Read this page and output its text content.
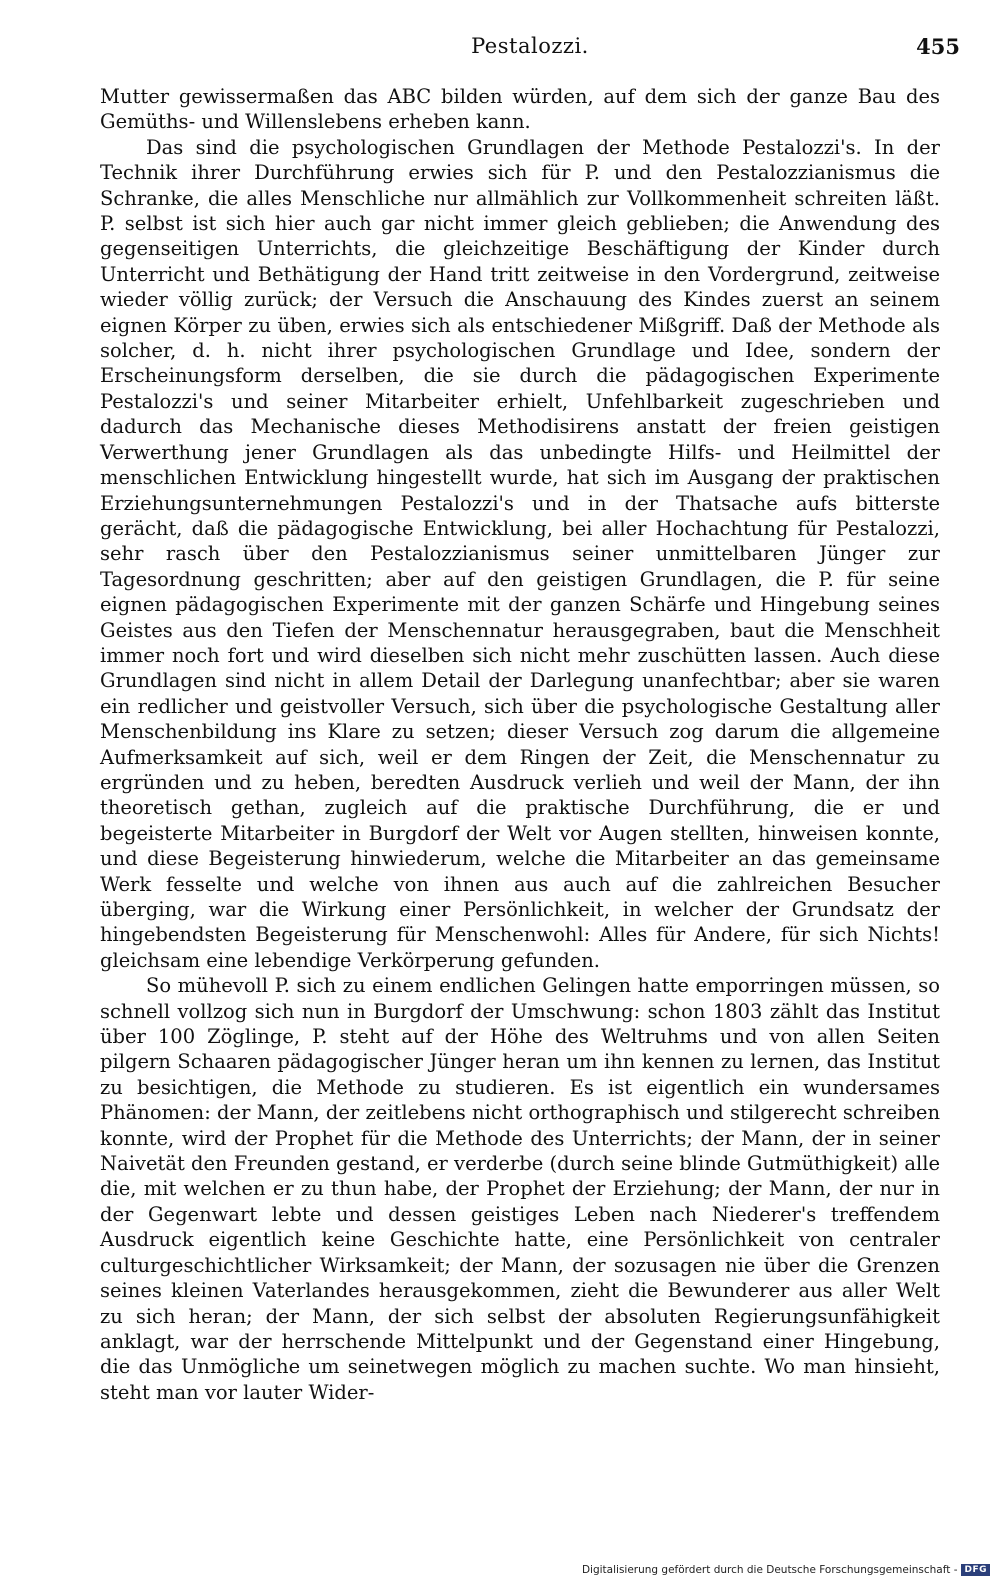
Pestalozzi.	455

Mutter gewissermaßen das ABC bilden würden, auf dem sich der ganze Bau des Gemüths- und Willenslebens erheben kann.

Das sind die psychologischen Grundlagen der Methode Pestalozzi's. In der Technik ihrer Durchführung erwies sich für P. und den Pestalozzianismus die Schranke, die alles Menschliche nur allmählich zur Vollkommenheit schreiten läßt. P. selbst ist sich hier auch gar nicht immer gleich geblieben; die Anwendung des gegenseitigen Unterrichts, die gleichzeitige Beschäftigung der Kinder durch Unterricht und Bethätigung der Hand tritt zeitweise in den Vordergrund, zeitweise wieder völlig zurück; der Versuch die Anschauung des Kindes zuerst an seinem eignen Körper zu üben, erwies sich als entschiedener Mißgriff. Daß der Methode als solcher, d. h. nicht ihrer psychologischen Grundlage und Idee, sondern der Erscheinungsform derselben, die sie durch die pädagogischen Experimente Pestalozzi's und seiner Mitarbeiter erhielt, Unfehlbarkeit zugeschrieben und dadurch das Mechanische dieses Methodisirens anstatt der freien geistigen Verwerthung jener Grundlagen als das unbedingte Hilfs- und Heilmittel der menschlichen Entwicklung hingestellt wurde, hat sich im Ausgang der praktischen Erziehungsunternehmungen Pestalozzi's und in der Thatsache aufs bitterste gerächt, daß die pädagogische Entwicklung, bei aller Hochachtung für Pestalozzi, sehr rasch über den Pestalozzianismus seiner unmittelbaren Jünger zur Tagesordnung geschritten; aber auf den geistigen Grundlagen, die P. für seine eignen pädagogischen Experimente mit der ganzen Schärfe und Hingebung seines Geistes aus den Tiefen der Menschennatur herausgegraben, baut die Menschheit immer noch fort und wird dieselben sich nicht mehr zuschütten lassen. Auch diese Grundlagen sind nicht in allem Detail der Darlegung unanfechtbar; aber sie waren ein redlicher und geistvoller Versuch, sich über die psychologische Gestaltung aller Menschenbildung ins Klare zu setzen; dieser Versuch zog darum die allgemeine Aufmerksamkeit auf sich, weil er dem Ringen der Zeit, die Menschennatur zu ergründen und zu heben, beredten Ausdruck verlieh und weil der Mann, der ihn theoretisch gethan, zugleich auf die praktische Durchführung, die er und begeisterte Mitarbeiter in Burgdorf der Welt vor Augen stellten, hinweisen konnte, und diese Begeisterung hinwiederum, welche die Mitarbeiter an das gemeinsame Werk fesselte und welche von ihnen aus auch auf die zahlreichen Besucher überging, war die Wirkung einer Persönlichkeit, in welcher der Grundsatz der hingebendsten Begeisterung für Menschenwohl: Alles für Andere, für sich Nichts! gleichsam eine lebendige Verkörperung gefunden.

So mühevoll P. sich zu einem endlichen Gelingen hatte emporringen müssen, so schnell vollzog sich nun in Burgdorf der Umschwung: schon 1803 zählt das Institut über 100 Zöglinge, P. steht auf der Höhe des Weltruhms und von allen Seiten pilgern Schaaren pädagogischer Jünger heran um ihn kennen zu lernen, das Institut zu besichtigen, die Methode zu studieren. Es ist eigentlich ein wundersames Phänomen: der Mann, der zeitlebens nicht orthographisch und stilgerecht schreiben konnte, wird der Prophet für die Methode des Unterrichts; der Mann, der in seiner Naivetät den Freunden gestand, er verderbe (durch seine blinde Gutmüthigkeit) alle die, mit welchen er zu thun habe, der Prophet der Erziehung; der Mann, der nur in der Gegenwart lebte und dessen geistiges Leben nach Niederer's treffendem Ausdruck eigentlich keine Geschichte hatte, eine Persönlichkeit von centraler culturgeschichtlicher Wirksamkeit; der Mann, der sozusagen nie über die Grenzen seines kleinen Vaterlandes herausgekommen, zieht die Bewunderer aus aller Welt zu sich heran; der Mann, der sich selbst der absoluten Regierungsunfähigkeit anklagt, war der herrschende Mittelpunkt und der Gegenstand einer Hingebung, die das Unmögliche um seinetwegen möglich zu machen suchte. Wo man hinsieht, steht man vor lauter Wider-

Digitalisierung gefördert durch die Deutsche Forschungsgemeinschaft - DFG
